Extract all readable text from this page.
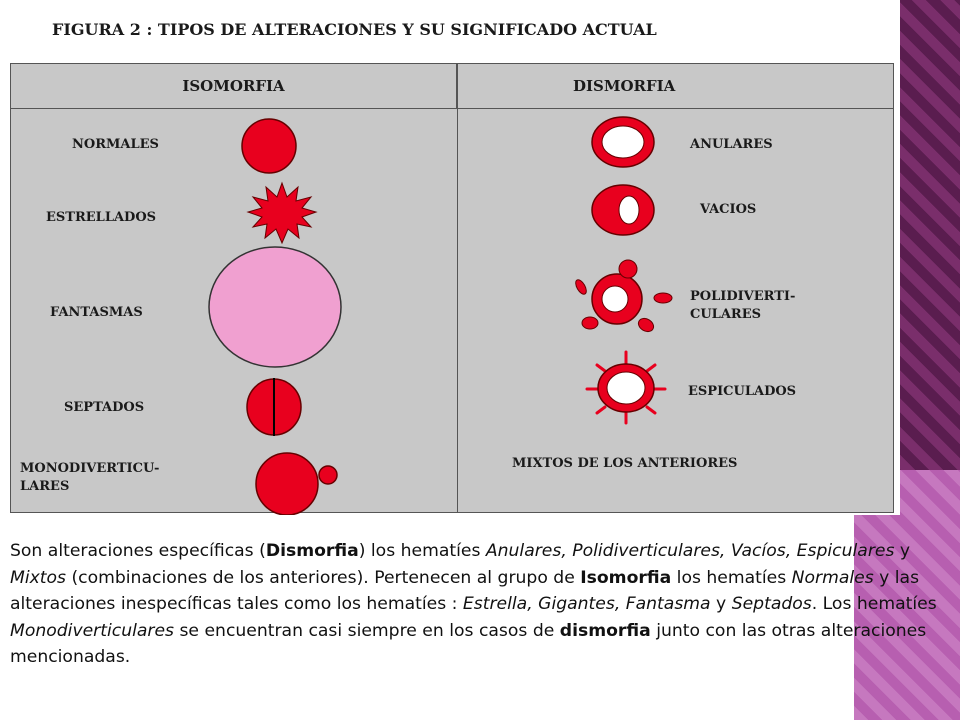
FIGURA 2 : TIPOS DE ALTERACIONES Y SU SIGNIFICADO ACTUAL
ISOMORFIA	DISMORFIA
NORMALES
ESTRELLADOS
FANTASMAS
SEPTADOS
MONODIVERTICU-
LARES
ANULARES
VACIOS
POLIDIVERTI-
CULARES
ESPICULADOS
MIXTOS DE LOS ANTERIORES
Son alteraciones específicas (Dismorfia) los hematíes Anulares, Polidiverticulares, Vacíos, Espiculares y Mixtos (combinaciones de los anteriores). Pertenecen al grupo de Isomorfia los hematíes Normales y las alteraciones inespecíficas tales como los hematíes : Estrella, Gigantes, Fantasma y Septados. Los hematíes Monodiverticulares se encuentran casi siempre en los casos de dismorfia junto con las otras alteraciones mencionadas.
